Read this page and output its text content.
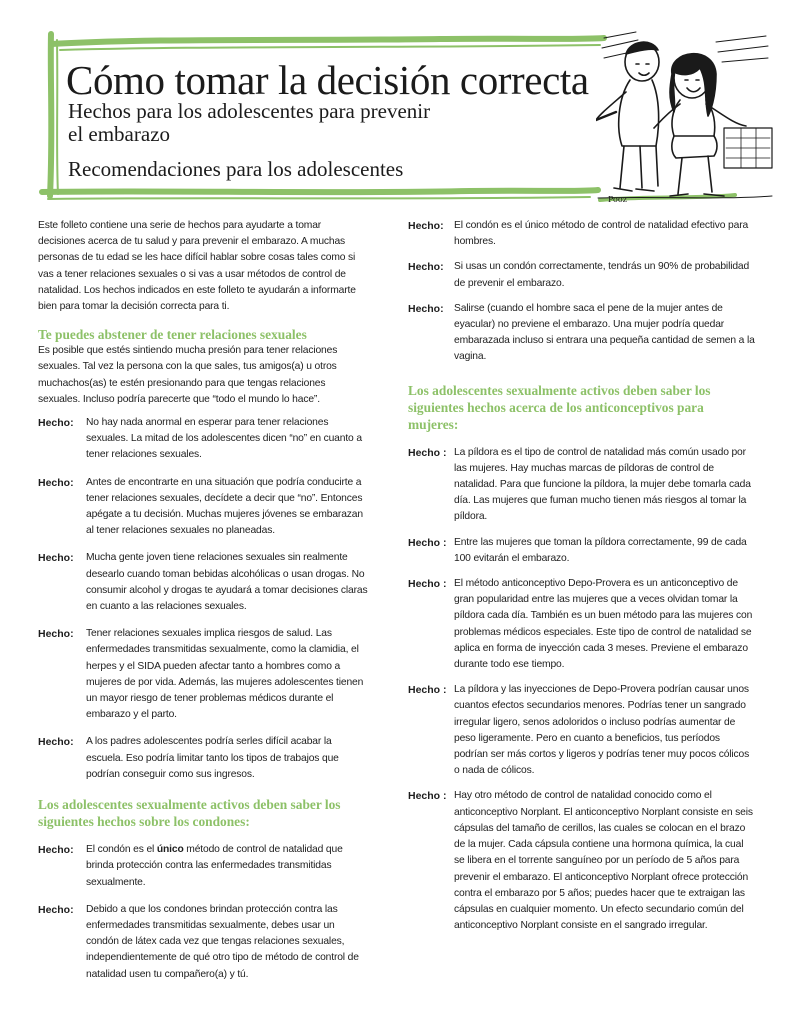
Cómo tomar la decisión correcta
Hechos para los adolescentes para prevenir el embarazo
Recomendaciones para los adolescentes
Pooz

Este folleto contiene una serie de hechos para ayudarte a tomar decisiones acerca de tu salud y para prevenir el embarazo. A muchas personas de tu edad se les hace difícil hablar sobre cosas tales como si vas a tener relaciones sexuales o si vas a usar métodos de control de natalidad. Los hechos indicados en este folleto te ayudarán a informarte bien para tomar la decisión correcta para ti.

Te puedes abstener de tener relaciones sexuales

Es posible que estés sintiendo mucha presión para tener relaciones sexuales. Tal vez la persona con la que sales, tus amigos(a) u otros muchachos(as) te estén presionando para que tengas relaciones sexuales. Incluso podría parecerte que “todo el mundo lo hace”.

Hecho:	No hay nada anormal en esperar para tener relaciones sexuales. La mitad de los adolescentes dicen “no” en cuanto a tener relaciones sexuales.
Hecho:	Antes de encontrarte en una situación que podría conducirte a tener relaciones sexuales, decídete a decir que “no”. Entonces apégate a tu decisión. Muchas mujeres jóvenes se embarazan al tener relaciones sexuales no planeadas.
Hecho:	Mucha gente joven tiene relaciones sexuales sin realmente desearlo cuando toman bebidas alcohólicas o usan drogas. No consumir alcohol y drogas te ayudará a tomar decisiones claras en cuanto a las relaciones sexuales.
Hecho:	Tener relaciones sexuales implica riesgos de salud. Las enfermedades transmitidas sexualmente, como la clamidia, el herpes y el SIDA pueden afectar tanto a hombres como a mujeres de por vida. Además, las mujeres adolescentes tienen un mayor riesgo de tener problemas médicos durante el embarazo y el parto.
Hecho:	A los padres adolescentes podría serles difícil acabar la escuela. Eso podría limitar tanto los tipos de trabajos que podrían conseguir como sus ingresos.
Los adolescentes sexualmente activos deben saber los siguientes hechos sobre los condones:
Hecho:	El condón es el único método de control de natalidad que brinda protección contra las enfermedades transmitidas sexualmente.
Hecho:	Debido a que los condones brindan protección contra las enfermedades transmitidas sexualmente, debes usar un condón de látex cada vez que tengas relaciones sexuales, independientemente de qué otro tipo de método de control de natalidad usen tu compañero(a) y tú.
Hecho:	El condón es el único método de control de natalidad efectivo para hombres.
Hecho:	Si usas un condón correctamente, tendrás un 90% de probabilidad de prevenir el embarazo.
Hecho:	Salirse (cuando el hombre saca el pene de la mujer antes de eyacular) no previene el embarazo. Una mujer podría quedar embarazada incluso si entrara una pequeña cantidad de semen a la vagina.
Los adolescentes sexualmente activos deben saber los siguientes hechos acerca de los anticonceptivos para mujeres:
Hecho : La píldora es el tipo de control de natalidad más común usado por las mujeres. Hay muchas marcas de píldoras de control de natalidad. Para que funcione la píldora, la mujer debe tomarla cada día. Las mujeres que fuman mucho tienen más riesgos al tomar la píldora.
Hecho : Entre las mujeres que toman la píldora correctamente, 99 de cada 100 evitarán el embarazo.
Hecho : El método anticonceptivo Depo-Provera es un anticonceptivo de gran popularidad entre las mujeres que a veces olvidan tomar la píldora cada día. También es un buen método para las mujeres con problemas médicos especiales. Este tipo de control de natalidad se aplica en forma de inyección cada 3 meses. Previene el embarazo durante todo ese tiempo.
Hecho : La píldora y las inyecciones de Depo-Provera podrían causar unos cuantos efectos secundarios menores. Podrías tener un sangrado irregular ligero, senos adoloridos o incluso podrías aumentar de peso ligeramente. Pero en cuanto a beneficios, tus períodos podrían ser más cortos y ligeros y podrías tener muy pocos cólicos o nada de cólicos.
Hecho : Hay otro método de control de natalidad conocido como el anticonceptivo Norplant. El anticonceptivo Norplant consiste en seis cápsulas del tamaño de cerillos, las cuales se colocan en el brazo de la mujer. Cada cápsula contiene una hormona química, la cual se libera en el torrente sanguíneo por un período de 5 años para prevenir el embarazo. El anticonceptivo Norplant ofrece protección contra el embarazo por 5 años; puedes hacer que te extraigan las cápsulas en cualquier momento. Un efecto secundario común del anticonceptivo Norplant consiste en el sangrado irregular.
